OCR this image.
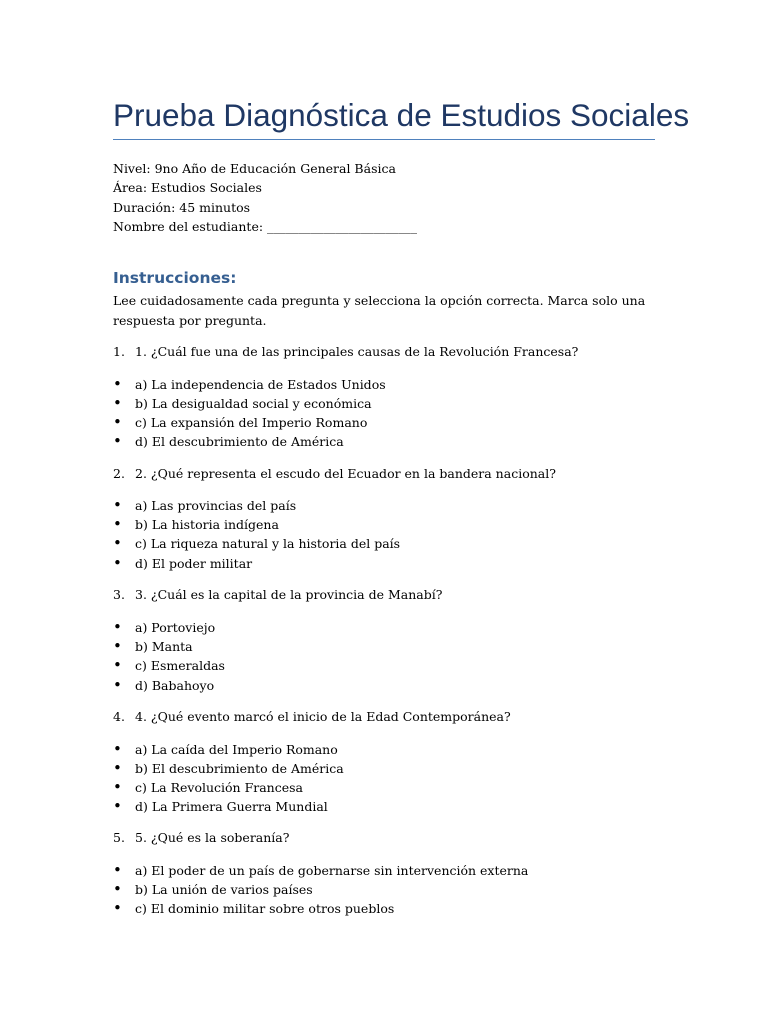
Prueba Diagnóstica de Estudios Sociales
Nivel: 9no Año de Educación General Básica
Área: Estudios Sociales
Duración: 45 minutos
Nombre del estudiante: ________________________
Instrucciones:
Lee cuidadosamente cada pregunta y selecciona la opción correcta. Marca solo una respuesta por pregunta.
1. 1. ¿Cuál fue una de las principales causas de la Revolución Francesa?
• a) La independencia de Estados Unidos
• b) La desigualdad social y económica
• c) La expansión del Imperio Romano
• d) El descubrimiento de América
2. 2. ¿Qué representa el escudo del Ecuador en la bandera nacional?
• a) Las provincias del país
• b) La historia indígena
• c) La riqueza natural y la historia del país
• d) El poder militar
3. 3. ¿Cuál es la capital de la provincia de Manabí?
• a) Portoviejo
• b) Manta
• c) Esmeraldas
• d) Babahoyo
4. 4. ¿Qué evento marcó el inicio de la Edad Contemporánea?
• a) La caída del Imperio Romano
• b) El descubrimiento de América
• c) La Revolución Francesa
• d) La Primera Guerra Mundial
5. 5. ¿Qué es la soberanía?
• a) El poder de un país de gobernarse sin intervención externa
• b) La unión de varios países
• c) El dominio militar sobre otros pueblos
